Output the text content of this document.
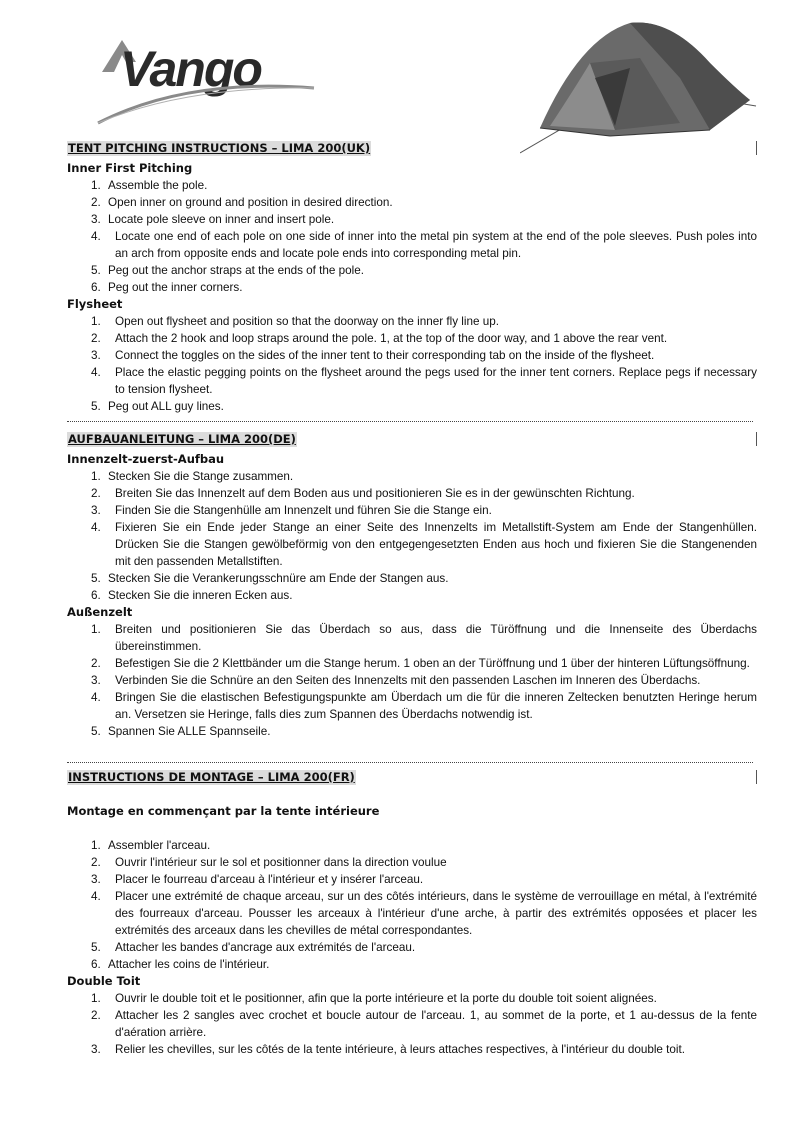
Vango
TENT PITCHING INSTRUCTIONS – LIMA 200(UK)
Inner First Pitching
1. Assemble the pole.
2. Open inner on ground and position in desired direction.
3. Locate pole sleeve on inner and insert pole.
4. Locate one end of each pole on one side of inner into the metal pin system at the end of the pole sleeves. Push poles into an arch from opposite ends and locate pole ends into corresponding metal pin.
5. Peg out the anchor straps at the ends of the pole.
6. Peg out the inner corners.
Flysheet
1. Open out flysheet and position so that the doorway on the inner fly line up.
2. Attach the 2 hook and loop straps around the pole. 1, at the top of the door way, and 1 above the rear vent.
3. Connect the toggles on the sides of the inner tent to their corresponding tab on the inside of the flysheet.
4. Place the elastic pegging points on the flysheet around the pegs used for the inner tent corners. Replace pegs if necessary to tension flysheet.
5. Peg out ALL guy lines.
AUFBAUANLEITUNG – LIMA 200(DE)
Innenzelt-zuerst-Aufbau
1. Stecken Sie die Stange zusammen.
2. Breiten Sie das Innenzelt auf dem Boden aus und positionieren Sie es in der gewünschten Richtung.
3. Finden Sie die Stangenhülle am Innenzelt und führen Sie die Stange ein.
4. Fixieren Sie ein Ende jeder Stange an einer Seite des Innenzelts im Metallstift-System am Ende der Stangenhüllen. Drücken Sie die Stangen gewölbeförmig von den entgegengesetzten Enden aus hoch und fixieren Sie die Stangenenden mit den passenden Metallstiften.
5. Stecken Sie die Verankerungsschnüre am Ende der Stangen aus.
6. Stecken Sie die inneren Ecken aus.
Außenzelt
1. Breiten und positionieren Sie das Überdach so aus, dass die Türöffnung und die Innenseite des Überdachs übereinstimmen.
2. Befestigen Sie die 2 Klettbänder um die Stange herum. 1 oben an der Türöffnung und 1 über der hinteren Lüftungsöffnung.
3. Verbinden Sie die Schnüre an den Seiten des Innenzelts mit den passenden Laschen im Inneren des Überdachs.
4. Bringen Sie die elastischen Befestigungspunkte am Überdach um die für die inneren Zeltecken benutzten Heringe herum an. Versetzen sie Heringe, falls dies zum Spannen des Überdachs notwendig ist.
5. Spannen Sie ALLE Spannseile.
INSTRUCTIONS DE MONTAGE – LIMA 200(FR)
Montage en commençant par la tente intérieure
1. Assembler l'arceau.
2. Ouvrir l'intérieur sur le sol et positionner dans la direction voulue
3. Placer le fourreau d'arceau à l'intérieur et y insérer l'arceau.
4. Placer une extrémité de chaque arceau, sur un des côtés intérieurs, dans le système de verrouillage en métal, à l'extrémité des fourreaux d'arceau. Pousser les arceaux à l'intérieur d'une arche, à partir des extrémités opposées et placer les extrémités des arceaux dans les chevilles de métal correspondantes.
5. Attacher les bandes d'ancrage aux extrémités de l'arceau.
6. Attacher les coins de l'intérieur.
Double Toit
1. Ouvrir le double toit et le positionner, afin que la porte intérieure et la porte du double toit soient alignées.
2. Attacher les 2 sangles avec crochet et boucle autour de l'arceau. 1, au sommet de la porte, et 1 au-dessus de la fente d'aération arrière.
3. Relier les chevilles, sur les côtés de la tente intérieure, à leurs attaches respectives, à l'intérieur du double toit.
